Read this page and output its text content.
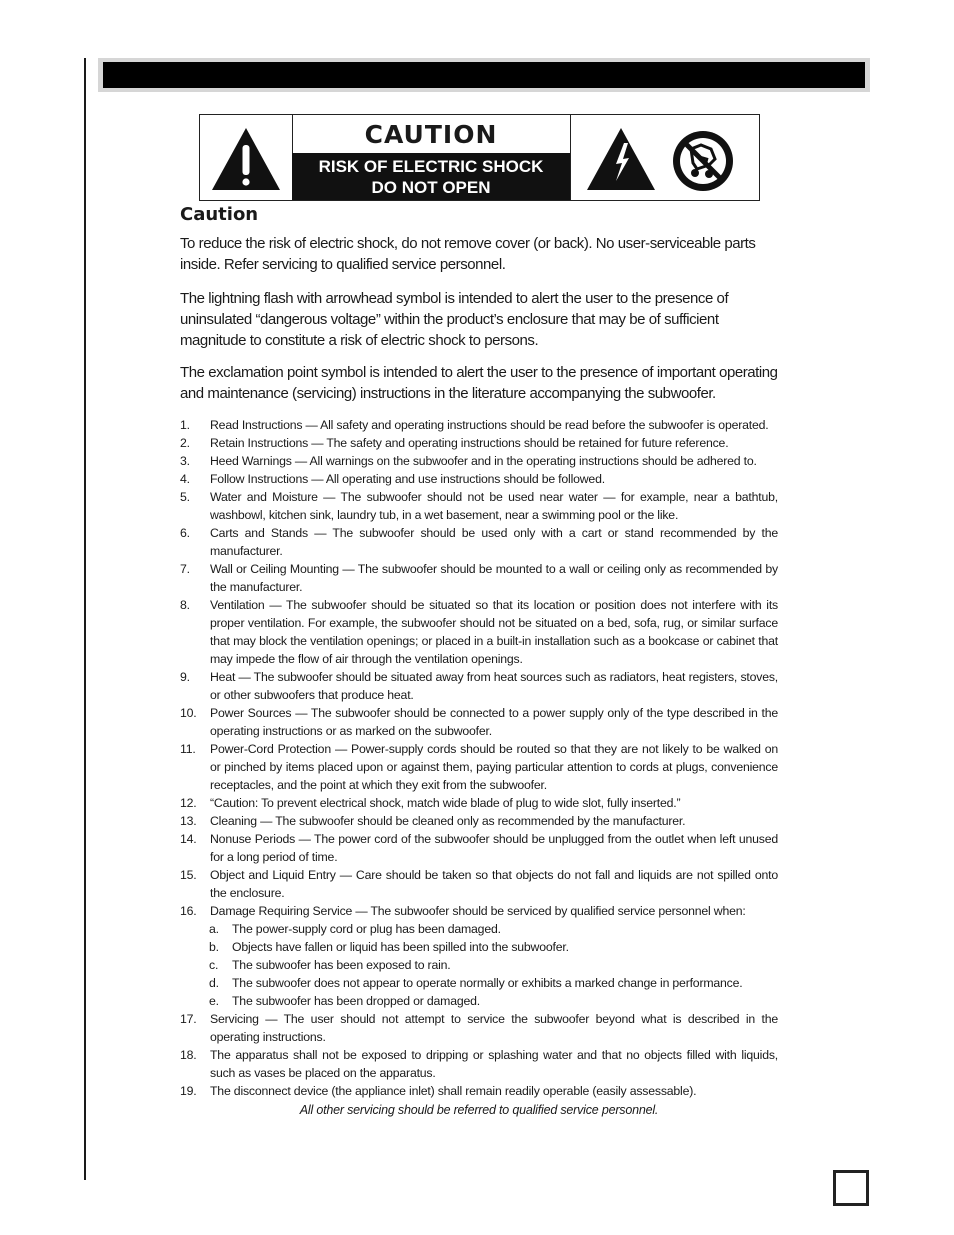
CAUTION
RISK OF ELECTRIC SHOCK
DO NOT OPEN
Caution

To reduce the risk of electric shock, do not remove cover (or back). No user-serviceable parts inside. Refer servicing to qualified service personnel.

The lightning flash with arrowhead symbol is intended to alert the user to the presence of uninsulated “dangerous voltage” within the product’s enclosure that may be of sufficient magnitude to constitute a risk of electric shock to persons.

The exclamation point symbol is intended to alert the user to the presence of important operating and maintenance (servicing) instructions in the literature accompanying the subwoofer.

1. Read Instructions — All safety and operating instructions should be read before the subwoofer is operated.
2. Retain Instructions — The safety and operating instructions should be retained for future reference.
3. Heed Warnings — All warnings on the subwoofer and in the operating instructions should be adhered to.
4. Follow Instructions — All operating and use instructions should be followed.
5. Water and Moisture — The subwoofer should not be used near water — for example, near a bathtub, washbowl, kitchen sink, laundry tub, in a wet basement, near a swimming pool or the like.
6. Carts and Stands — The subwoofer should be used only with a cart or stand recommended by the manufacturer.
7. Wall or Ceiling Mounting — The subwoofer should be mounted to a wall or ceiling only as recommended by the manufacturer.
8. Ventilation — The subwoofer should be situated so that its location or position does not interfere with its proper ventilation. For example, the subwoofer should not be situated on a bed, sofa, rug, or similar surface that may block the ventilation openings; or placed in a built-in installation such as a bookcase or cabinet that may impede the flow of air through the ventilation openings.
9. Heat — The subwoofer should be situated away from heat sources such as radiators, heat registers, stoves, or other subwoofers that produce heat.
10. Power Sources — The subwoofer should be connected to a power supply only of the type described in the operating instructions or as marked on the subwoofer.
11. Power-Cord Protection — Power-supply cords should be routed so that they are not likely to be walked on or pinched by items placed upon or against them, paying particular attention to cords at plugs, convenience receptacles, and the point at which they exit from the subwoofer.
12. “Caution: To prevent electrical shock, match wide blade of plug to wide slot, fully inserted.”
13. Cleaning — The subwoofer should be cleaned only as recommended by the manufacturer.
14. Nonuse Periods — The power cord of the subwoofer should be unplugged from the outlet when left unused for a long period of time.
15. Object and Liquid Entry — Care should be taken so that objects do not fall and liquids are not spilled onto the enclosure.
16. Damage Requiring Service — The subwoofer should be serviced by qualified service personnel when:
a. The power-supply cord or plug has been damaged.
b. Objects have fallen or liquid has been spilled into the subwoofer.
c. The subwoofer has been exposed to rain.
d. The subwoofer does not appear to operate normally or exhibits a marked change in performance.
e. The subwoofer has been dropped or damaged.
17. Servicing — The user should not attempt to service the subwoofer beyond what is described in the operating instructions.
18. The apparatus shall not be exposed to dripping or splashing water and that no objects filled with liquids, such as vases be placed on the apparatus.
19. The disconnect device (the appliance inlet) shall remain readily operable (easily assessable).
All other servicing should be referred to qualified service personnel.
